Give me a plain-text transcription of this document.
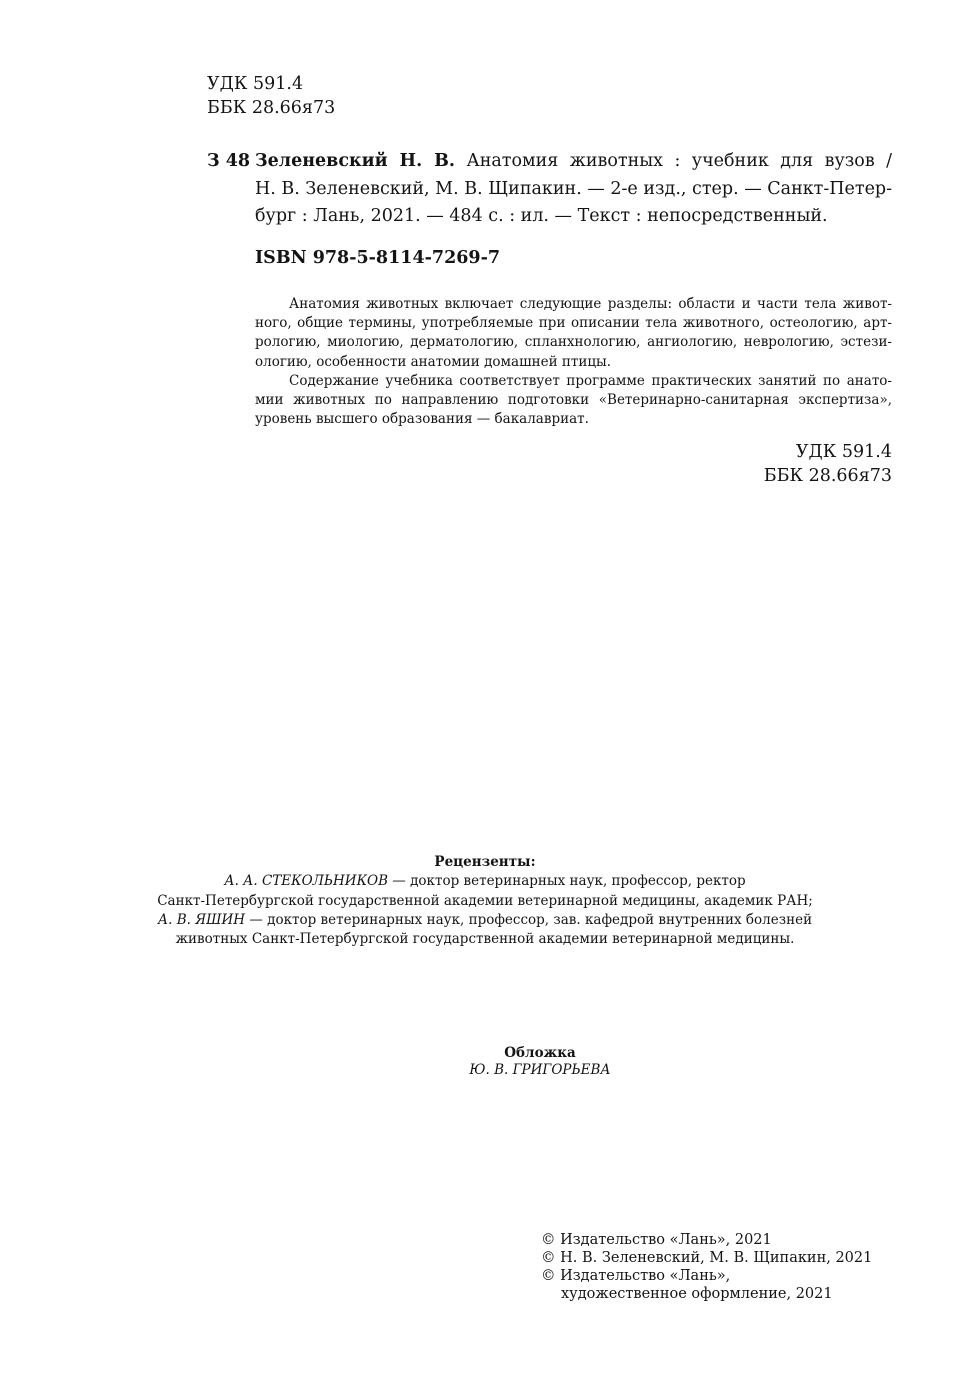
УДК 591.4
ББК 28.66я73
З 48 Зеленевский Н. В. Анатомия животных : учебник для вузов /
Н. В. Зеленевский, М. В. Щипакин. — 2-е изд., стер. — Санкт-Петер-
бург : Лань, 2021. — 484 с. : ил. — Текст : непосредственный.
ISBN 978-5-8114-7269-7
Анатомия животных включает следующие разделы: области и части тела живот-
ного, общие термины, употребляемые при описании тела животного, остеологию, арт-
рологию, миологию, дерматологию, спланхнологию, ангиологию, неврологию, эстези-
ологию, особенности анатомии домашней птицы.
Содержание учебника соответствует программе практических занятий по анато-
мии животных по направлению подготовки «Ветеринарно-санитарная экспертиза»,
уровень высшего образования — бакалавриат.
УДК 591.4
ББК 28.66я73
Рецензенты:
А. А. СТЕКОЛЬНИКОВ — доктор ветеринарных наук, профессор, ректор
Санкт-Петербургской государственной академии ветеринарной медицины, академик РАН;
А. В. ЯШИН — доктор ветеринарных наук, профессор, зав. кафедрой внутренних болезней
животных Санкт-Петербургской государственной академии ветеринарной медицины.
Обложка
Ю. В. ГРИГОРЬЕВА
© Издательство «Лань», 2021
© Н. В. Зеленевский, М. В. Щипакин, 2021
© Издательство «Лань»,
художественное оформление, 2021
